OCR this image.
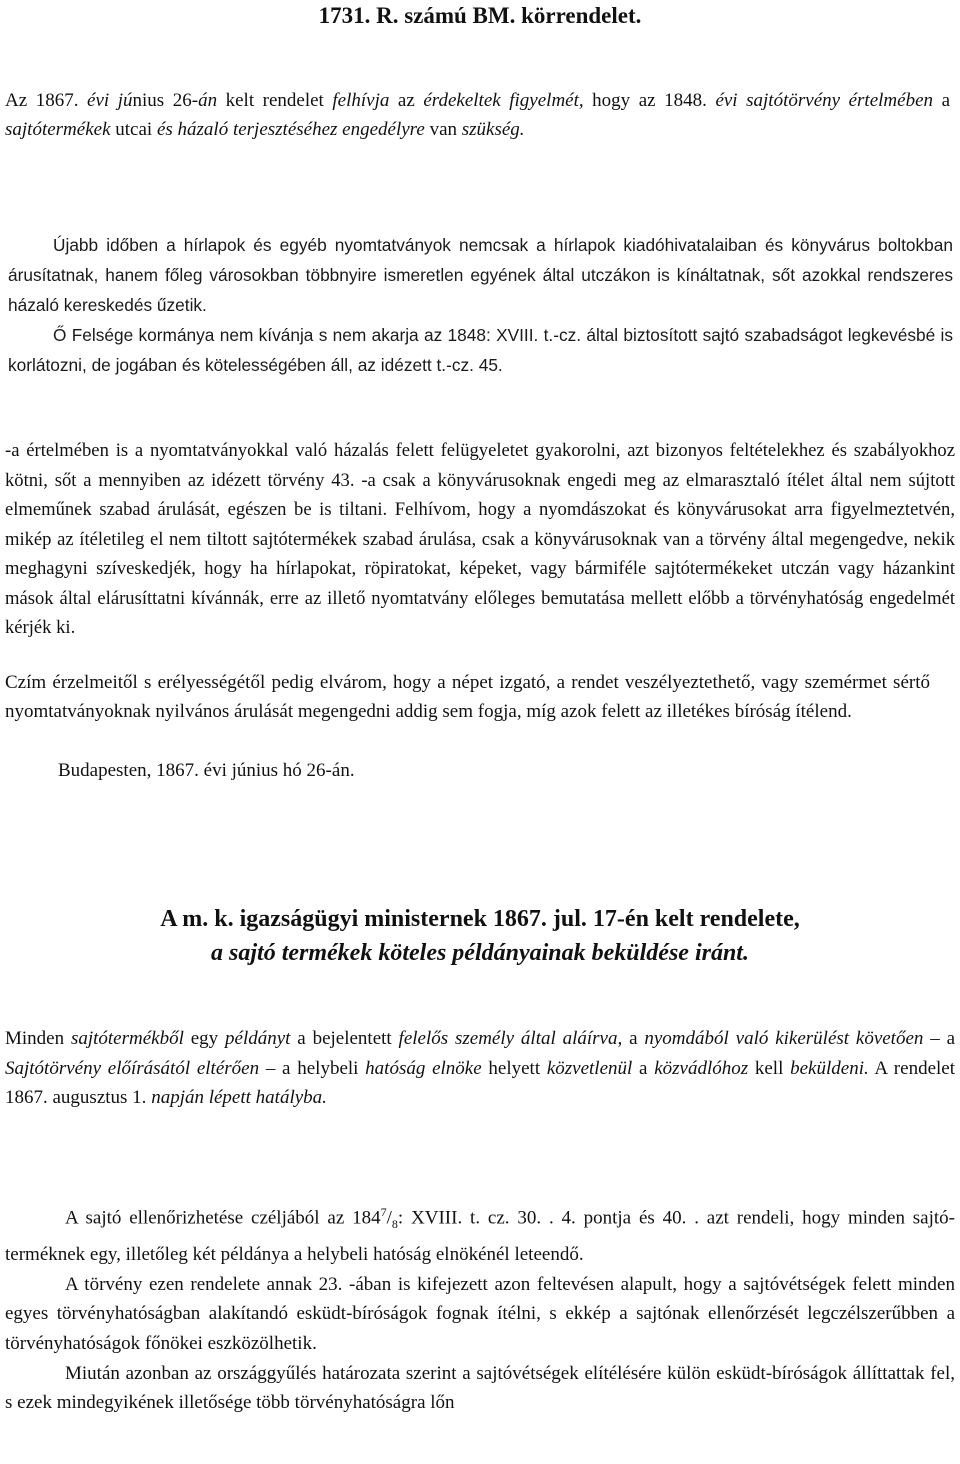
1731. R. számú BM. körrendelet.

Az 1867. évi június 26-án kelt rendelet felhívja az érdekeltek figyelmét, hogy az 1848. évi sajtótörvény értelmében a sajtótermékek utcai és házaló terjesztéséhez engedélyre van szükség.

Újabb időben a hírlapok és egyéb nyomtatványok nemcsak a hírlapok kiadóhivatalaiban és könyvárus boltokban árusítatnak, hanem főleg városokban többnyire ismeretlen egyének által utczákon is kínáltatnak, sőt azokkal rendszeres házaló kereskedés űzetik.
Ő Felsége kormánya nem kívánja s nem akarja az 1848: XVIII. t.-cz. által biztosított sajtó szabadságot legkevésbé is korlátozni, de jogában és kötelességében áll, az idézett t.-cz. 45.

-a értelmében is a nyomtatványokkal való házalás felett felügyeletet gyakorolni, azt bizonyos feltételekhez és szabályokhoz kötni, sőt a mennyiben az idézett törvény 43. -a csak a könyvárusoknak engedi meg az elmarasztaló ítélet által nem sújtott elmeműnek szabad árulását, egészen be is tiltani. Felhívom, hogy a nyomdászokat és könyvárusokat arra figyelmeztetvén, mikép az ítéletileg el nem tiltott sajtótermékek szabad árulása, csak a könyvárusoknak van a törvény által megengedve, nekik meghagyni szíveskedjék, hogy ha hírlapokat, röpiratokat, képeket, vagy bármiféle sajtótermékeket utczán vagy házankint mások által elárusíttatni kívánnák, erre az illető nyomtatvány előleges bemutatása mellett előbb a törvényhatóság engedelmét kérjék ki.

Czím érzelmeitől s erélyességétől pedig elvárom, hogy a népet izgató, a rendet veszélyeztethető, vagy szemérmet sértő nyomtatványoknak nyilvános árulását megengedni addig sem fogja, míg azok felett az illetékes bíróság ítélend.

Budapesten, 1867. évi június hó 26-án.

A m. k. igazságügyi ministernek 1867. jul. 17-én kelt rendelete,
a sajtó termékek köteles példányainak beküldése iránt.

Minden sajtótermékből egy példányt a bejelentett felelős személy által aláírva, a nyomdából való kikerülést követően – a Sajtótörvény előírásától eltérően – a helybeli hatóság elnöke helyett közvetlenül a közvádlóhoz kell beküldeni. A rendelet 1867. augusztus 1. napján lépett hatályba.

A sajtó ellenőrizhetése czéljából az $184^7/_8$: XVIII. t. cz. 30. . 4. pontja és 40. . azt rendeli, hogy minden sajtó-terméknek egy, illetőleg két példánya a helybeli hatóság elnökénél leteendő.
A törvény ezen rendelete annak 23. -ában is kifejezett azon feltevésen alapult, hogy a sajtóvétségek felett minden egyes törvényhatóságban alakítandó esküdt-bíróságok fognak ítélni, s ekkép a sajtónak ellenőrzését legczélszerűbben a törvényhatóságok főnökei eszközölhetik.
Miután azonban az országgyűlés határozata szerint a sajtóvétségek elítélésére külön esküdt-bíróságok állíttattak fel, s ezek mindegyikének illetősége több törvényhatóságra lőn
